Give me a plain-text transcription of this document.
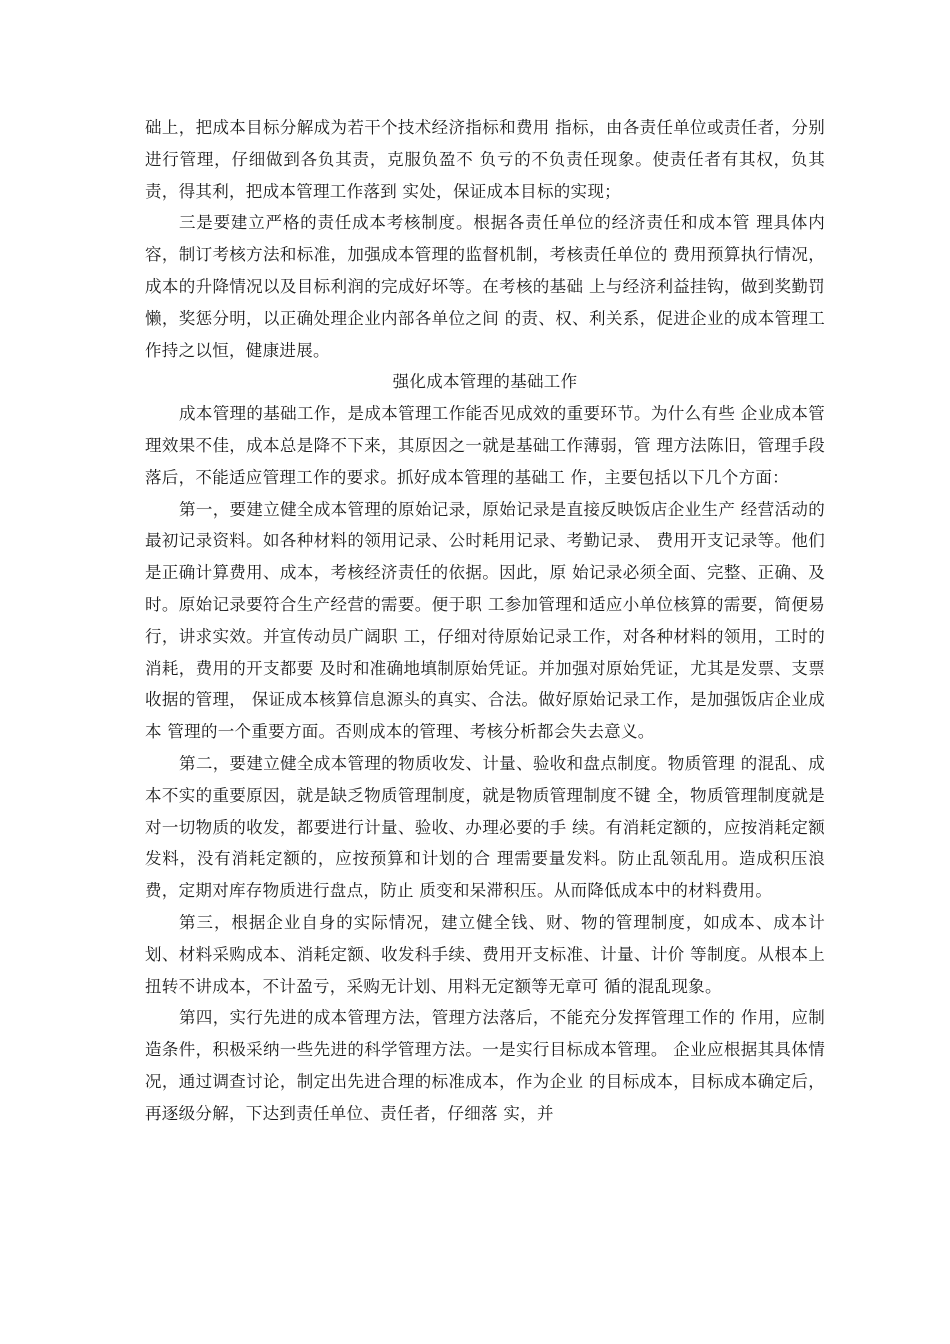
础上，把成本目标分解成为若干个技术经济指标和费用 指标，由各责任单位或责任者，分别进行管理，仔细做到各负其责，克服负盈不 负亏的不负责任现象。使责任者有其权，负其责，得其利，把成本管理工作落到 实处，保证成本目标的实现；

三是要建立严格的责任成本考核制度。根据各责任单位的经济责任和成本管 理具体内容，制订考核方法和标准，加强成本管理的监督机制，考核责任单位的 费用预算执行情况，成本的升降情况以及目标利润的完成好坏等。在考核的基础 上与经济利益挂钩，做到奖勤罚懒，奖惩分明，以正确处理企业内部各单位之间 的责、权、利关系，促进企业的成本管理工作持之以恒，健康进展。

强化成本管理的基础工作

成本管理的基础工作，是成本管理工作能否见成效的重要环节。为什么有些 企业成本管理效果不佳，成本总是降不下来，其原因之一就是基础工作薄弱，管 理方法陈旧，管理手段落后，不能适应管理工作的要求。抓好成本管理的基础工 作，主要包括以下几个方面：

第一，要建立健全成本管理的原始记录，原始记录是直接反映饭店企业生产 经营活动的最初记录资料。如各种材料的领用记录、公时耗用记录、考勤记录、 费用开支记录等。他们是正确计算费用、成本，考核经济责任的依据。因此，原 始记录必须全面、完整、正确、及时。原始记录要符合生产经营的需要。便于职 工参加管理和适应小单位核算的需要，简便易行，讲求实效。并宣传动员广阔职 工，仔细对待原始记录工作，对各种材料的领用，工时的消耗，费用的开支都要 及时和准确地填制原始凭证。并加强对原始凭证，尤其是发票、支票收据的管理， 保证成本核算信息源头的真实、合法。做好原始记录工作，是加强饭店企业成本 管理的一个重要方面。否则成本的管理、考核分析都会失去意义。

第二，要建立健全成本管理的物质收发、计量、验收和盘点制度。物质管理 的混乱、成本不实的重要原因，就是缺乏物质管理制度，就是物质管理制度不键 全，物质管理制度就是对一切物质的收发，都要进行计量、验收、办理必要的手 续。有消耗定额的，应按消耗定额发料，没有消耗定额的，应按预算和计划的合 理需要量发料。防止乱领乱用。造成积压浪费，定期对库存物质进行盘点，防止 质变和呆滞积压。从而降低成本中的材料费用。

第三，根据企业自身的实际情况，建立健全钱、财、物的管理制度，如成本、成本计划、材料采购成本、消耗定额、收发科手续、费用开支标准、计量、计价 等制度。从根本上扭转不讲成本，不计盈亏，采购无计划、用料无定额等无章可 循的混乱现象。

第四，实行先进的成本管理方法，管理方法落后，不能充分发挥管理工作的 作用，应制造条件，积极采纳一些先进的科学管理方法。一是实行目标成本管理。 企业应根据其具体情况，通过调查讨论，制定出先进合理的标准成本，作为企业 的目标成本，目标成本确定后，再逐级分解，下达到责任单位、责任者，仔细落 实，并
